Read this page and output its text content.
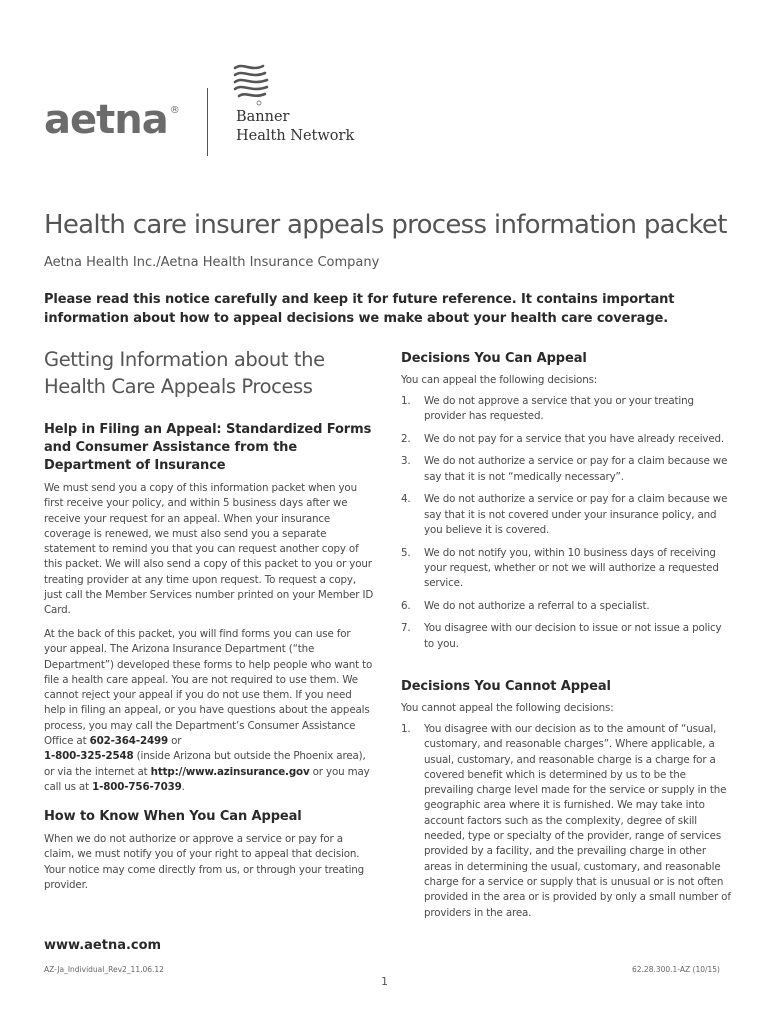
aetna ®	Banner
Health Network
Health care insurer appeals process information packet
Aetna Health Inc./Aetna Health Insurance Company
Please read this notice carefully and keep it for future reference. It contains important information about how to appeal decisions we make about your health care coverage.
Getting Information about the Health Care Appeals Process
Help in Filing an Appeal: Standardized Forms and Consumer Assistance from the Department of Insurance

We must send you a copy of this information packet when you first receive your policy, and within 5 business days after we receive your request for an appeal. When your insurance coverage is renewed, we must also send you a separate statement to remind you that you can request another copy of this packet. We will also send a copy of this packet to you or your treating provider at any time upon request. To request a copy, just call the Member Services number printed on your Member ID Card.

At the back of this packet, you will find forms you can use for your appeal. The Arizona Insurance Department (“the Department”) developed these forms to help people who want to file a health care appeal. You are not required to use them. We cannot reject your appeal if you do not use them. If you need help in filing an appeal, or you have questions about the appeals process, you may call the Department’s Consumer Assistance Office at 602-364-2499 or
1-800-325-2548 (inside Arizona but outside the Phoenix area), or via the internet at http://www.azinsurance.gov or you may call us at 1-800-756-7039.

How to Know When You Can Appeal

When we do not authorize or approve a service or pay for a claim, we must notify you of your right to appeal that decision. Your notice may come directly from us, or through your treating provider.

Decisions You Can Appeal

You can appeal the following decisions:

1. We do not approve a service that you or your treating provider has requested.
2. We do not pay for a service that you have already received.
3. We do not authorize a service or pay for a claim because we say that it is not “medically necessary”.
4. We do not authorize a service or pay for a claim because we say that it is not covered under your insurance policy, and you believe it is covered.
5. We do not notify you, within 10 business days of receiving your request, whether or not we will authorize a requested service.
6. We do not authorize a referral to a specialist.
7. You disagree with our decision to issue or not issue a policy to you.
Decisions You Cannot Appeal

You cannot appeal the following decisions:

1. You disagree with our decision as to the amount of “usual, customary, and reasonable charges”. Where applicable, a usual, customary, and reasonable charge is a charge for a covered benefit which is determined by us to be the prevailing charge level made for the service or supply in the geographic area where it is furnished. We may take into account factors such as the complexity, degree of skill needed, type or specialty of the provider, range of services provided by a facility, and the prevailing charge in other areas in determining the usual, customary, and reasonable charge for a service or supply that is unusual or is not often provided in the area or is provided by only a small number of providers in the area.
www.aetna.com
AZ-Ja_Individual_Rev2_11.06.12	62.28.300.1-AZ (10/15)
1
